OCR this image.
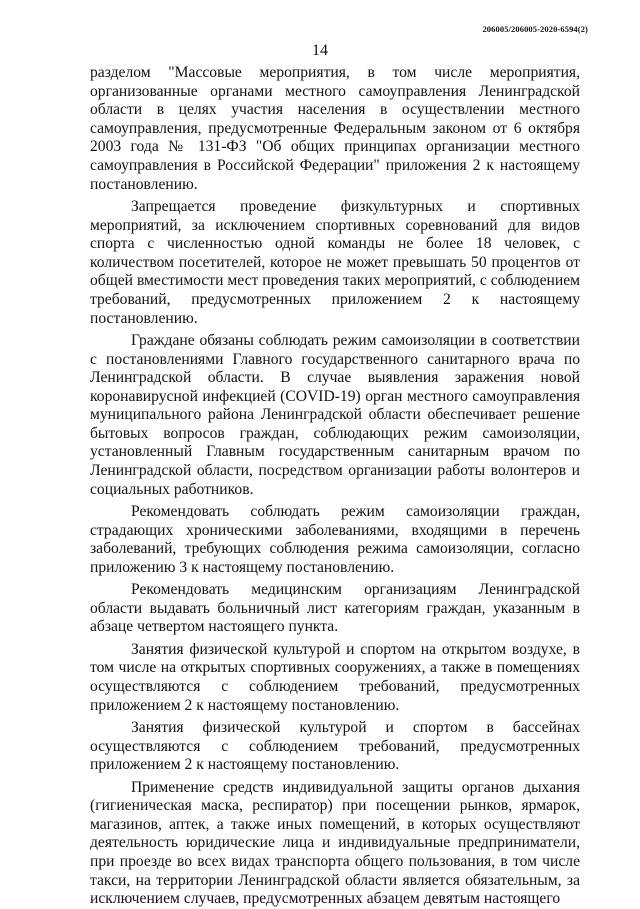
206005/206005-2020-6594(2)
14

разделом "Массовые мероприятия, в том числе мероприятия, организованные органами местного самоуправления Ленинградской области в целях участия населения в осуществлении местного самоуправления, предусмотренные Федеральным законом от 6 октября 2003 года № 131-ФЗ "Об общих принципах организации местного самоуправления в Российской Федерации" приложения 2 к настоящему постановлению.

Запрещается проведение физкультурных и спортивных мероприятий, за исключением спортивных соревнований для видов спорта с численностью одной команды не более 18 человек, с количеством посетителей, которое не может превышать 50 процентов от общей вместимости мест проведения таких мероприятий, с соблюдением требований, предусмотренных приложением 2 к настоящему постановлению.

Граждане обязаны соблюдать режим самоизоляции в соответствии с постановлениями Главного государственного санитарного врача по Ленинградской области. В случае выявления заражения новой коронавирусной инфекцией (COVID-19) орган местного самоуправления муниципального района Ленинградской области обеспечивает решение бытовых вопросов граждан, соблюдающих режим самоизоляции, установленный Главным государственным санитарным врачом по Ленинградской области, посредством организации работы волонтеров и социальных работников.

Рекомендовать соблюдать режим самоизоляции граждан, страдающих хроническими заболеваниями, входящими в перечень заболеваний, требующих соблюдения режима самоизоляции, согласно приложению 3 к настоящему постановлению.

Рекомендовать медицинским организациям Ленинградской области выдавать больничный лист категориям граждан, указанным в абзаце четвертом настоящего пункта.

Занятия физической культурой и спортом на открытом воздухе, в том числе на открытых спортивных сооружениях, а также в помещениях осуществляются с соблюдением требований, предусмотренных приложением 2 к настоящему постановлению.

Занятия физической культурой и спортом в бассейнах осуществляются с соблюдением требований, предусмотренных приложением 2 к настоящему постановлению.

Применение средств индивидуальной защиты органов дыхания (гигиеническая маска, респиратор) при посещении рынков, ярмарок, магазинов, аптек, а также иных помещений, в которых осуществляют деятельность юридические лица и индивидуальные предприниматели, при проезде во всех видах транспорта общего пользования, в том числе такси, на территории Ленинградской области является обязательным, за исключением случаев, предусмотренных абзацем девятым настоящего
